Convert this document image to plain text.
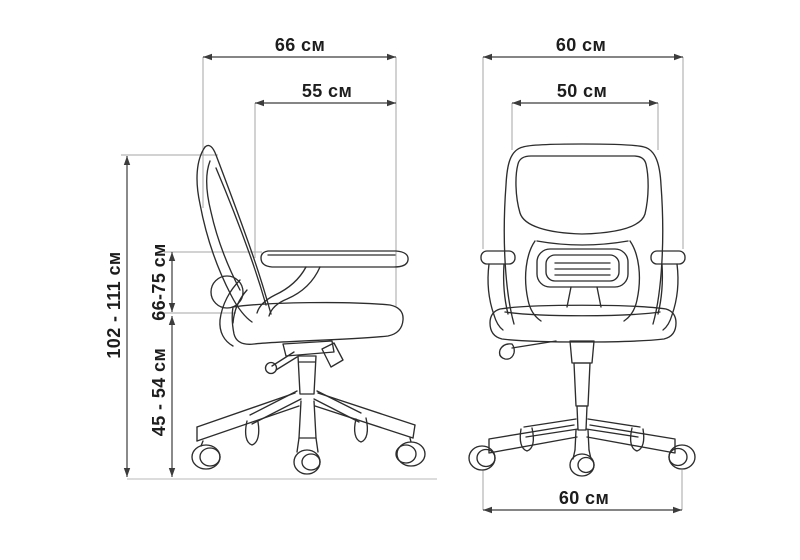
66 см
55 см
102 - 111 см 66-75 см
45 - 54 см
60 см
50 см
60 см
